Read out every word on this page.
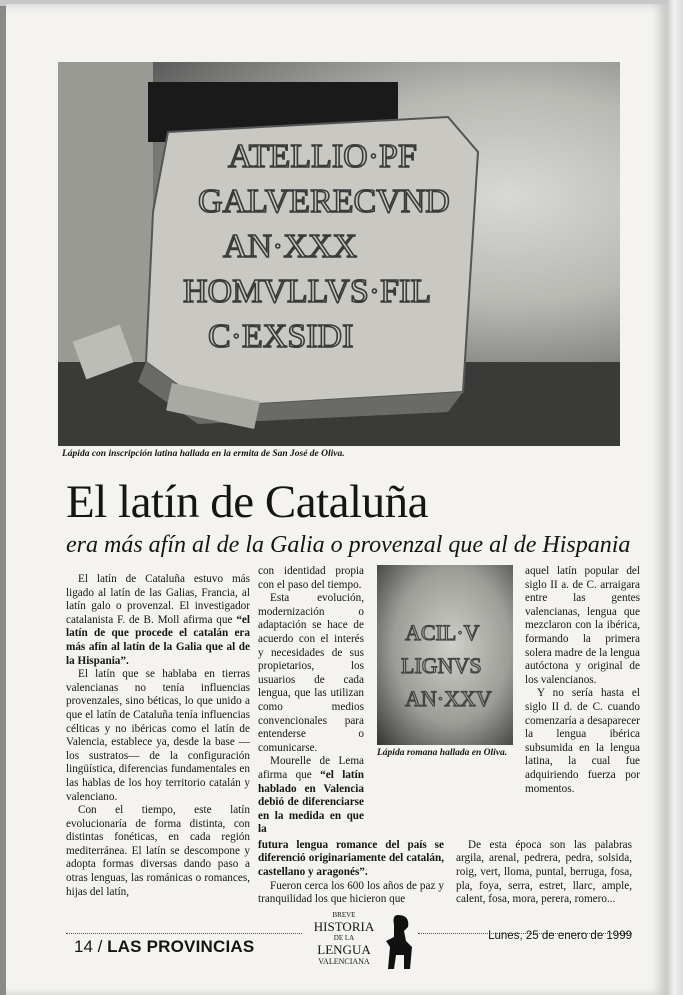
ATELLIO·PF
GALVERECVND
AN·XXX
HOMVLLVS·FIL
C·EXSIDI
Lápida con inscripción latina hallada en la ermita de San José de Oliva.
El latín de Cataluña
era más afín al de la Galia o provenzal que al de Hispania

El latín de Cataluña estuvo más ligado al latín de las Galias, Francia, al latín galo o provenzal. El investigador catalanista F. de B. Moll afirma que “el latín de que procede el catalán era más afín al latín de la Galia que al de la Hispania”.

El latín que se hablaba en tierras valencianas no tenía influencias provenzales, sino béticas, lo que unido a que el latín de Cataluña tenía influencias célticas y no ibéricas como el latín de Valencia, establece ya, desde la base —los sustratos— de la configuración lingüística, diferencias fundamentales en las hablas de los hoy territorio catalán y valenciano.

Con el tiempo, este latín evolucionaría de forma distinta, con distintas fonéticas, en cada región mediterránea. El latín se descompone y adopta formas diversas dando paso a otras lenguas, las románicas o romances, hijas del latín,

con identidad propia con el paso del tiempo.

Esta evolución, modernización o adaptación se hace de acuerdo con el interés y necesidades de sus propietarios, los usuarios de cada lengua, que las utilizan como medios convencionales para entenderse o comunicarse.

Mourelle de Lema afirma que “el latín hablado en Valencia debió de diferenciarse en la medida en que la

ACIL·V
LIGNVS
AN·XXV
Lápida romana hallada en Oliva.

aquel latín popular del siglo II a. de C. arraigara entre las gentes valencianas, lengua que mezclaron con la ibérica, formando la primera solera madre de la lengua autóctona y original de los valencianos.

Y no sería hasta el siglo II d. de C. cuando comenzaría a desaparecer la lengua ibérica subsumida en la lengua latina, la cual fue adquiriendo fuerza por momentos.

futura lengua romance del país se diferenció originariamente del catalán, castellano y aragonés”.

Fueron cerca los 600 los años de paz y tranquilidad los que hicieron que

De esta época son las palabras argila, arenal, pedrera, pedra, solsida, roig, vert, lloma, puntal, berruga, fosa, pla, foya, serra, estret, llarc, ample, calent, fosa, mora, perera, romero...

14 / LAS PROVINCIAS
BREVE
HISTORIA
DE LA
LENGUA
VALENCIANA
Lunes, 25 de enero de 1999
